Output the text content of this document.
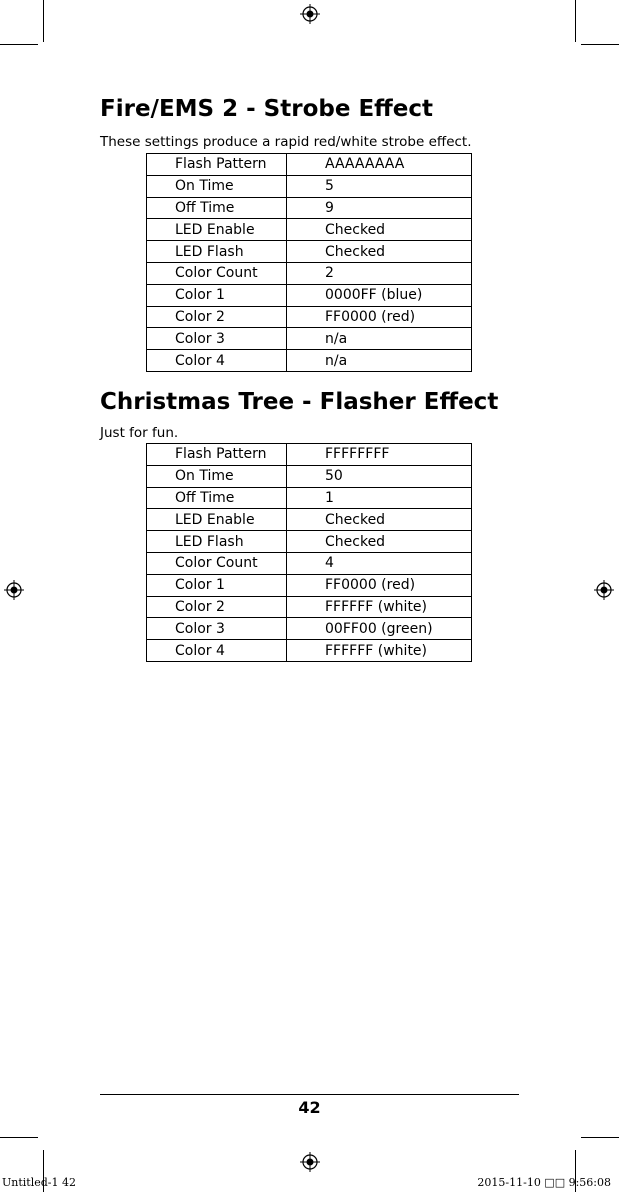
Fire/EMS 2 - Strobe Effect

These settings produce a rapid red/white strobe effect.

Flash Pattern	AAAAAAAA
On Time	5
Off Time	9
LED Enable	Checked
LED Flash	Checked
Color Count	2
Color 1	0000FF (blue)
Color 2	FF0000 (red)
Color 3	n/a
Color 4	n/a
Christmas Tree - Flasher Effect

Just for fun.

Flash Pattern	FFFFFFFF
On Time	50
Off Time	1
LED Enable	Checked
LED Flash	Checked
Color Count	4
Color 1	FF0000 (red)
Color 2	FFFFFF (white)
Color 3	00FF00 (green)
Color 4	FFFFFF (white)
42
Untitled-1 42	2015-11-10 □□ 9:56:08
